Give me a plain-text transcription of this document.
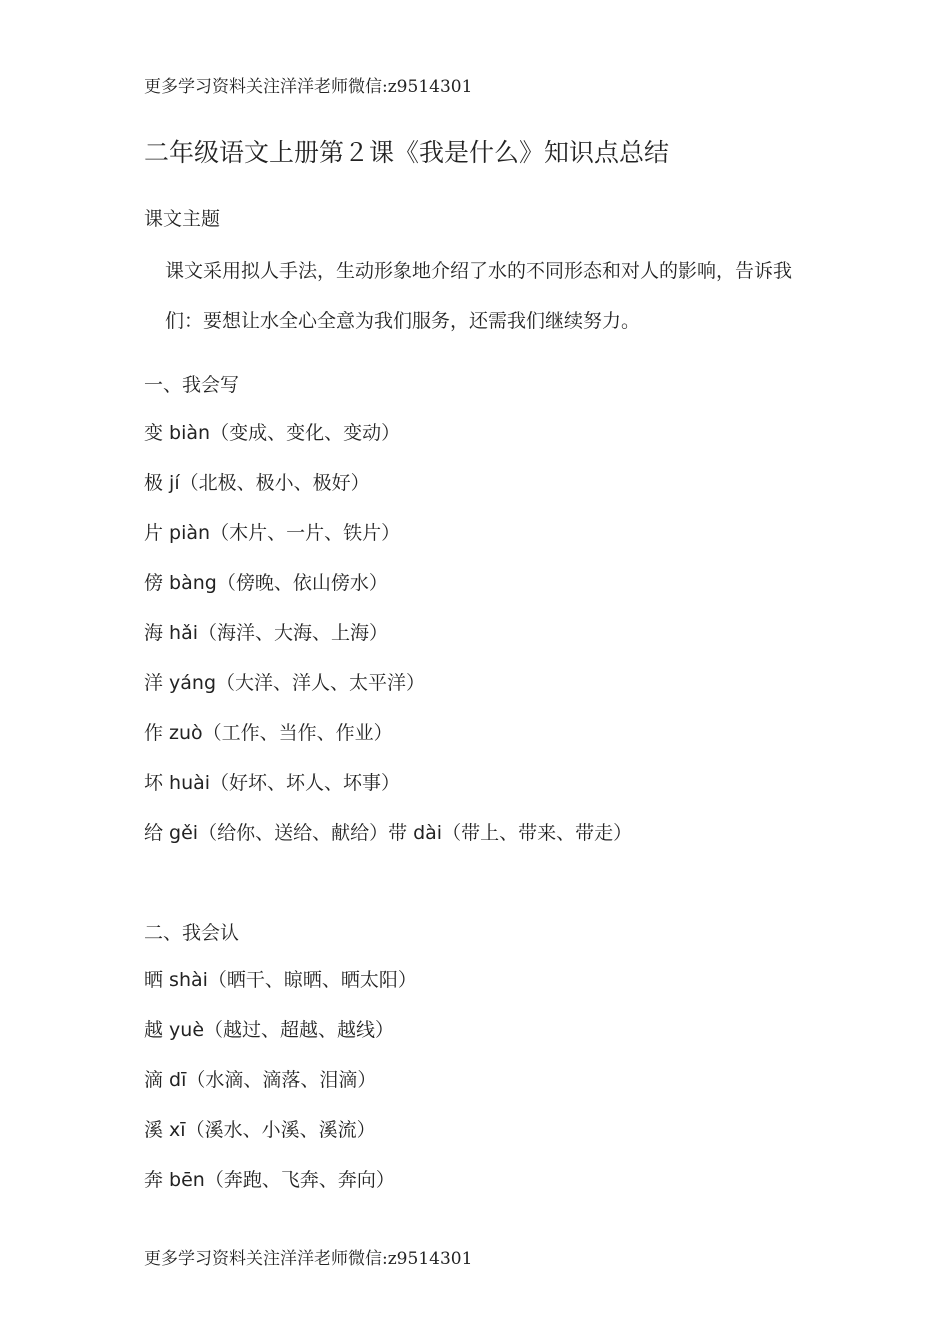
更多学习资料关注洋洋老师微信:z9514301
二年级语文上册第２课《我是什么》知识点总结
课文主题
课文采用拟人手法，生动形象地介绍了水的不同形态和对人的影响，告诉我们：要想让水全心全意为我们服务，还需我们继续努力。
一、我会写
变 biàn（变成、变化、变动）
极 jí（北极、极小、极好）
片 piàn（木片、一片、铁片）
傍 bàng（傍晚、依山傍水）
海 hǎi（海洋、大海、上海）
洋 yáng（大洋、洋人、太平洋）
作 zuò（工作、当作、作业）
坏 huài（好坏、坏人、坏事）
给 gěi（给你、送给、献给）带 dài（带上、带来、带走）
二、我会认
晒 shài（晒干、晾晒、晒太阳）
越 yuè（越过、超越、越线）
滴 dī（水滴、滴落、泪滴）
溪 xī（溪水、小溪、溪流）
奔 bēn（奔跑、飞奔、奔向）
更多学习资料关注洋洋老师微信:z9514301
